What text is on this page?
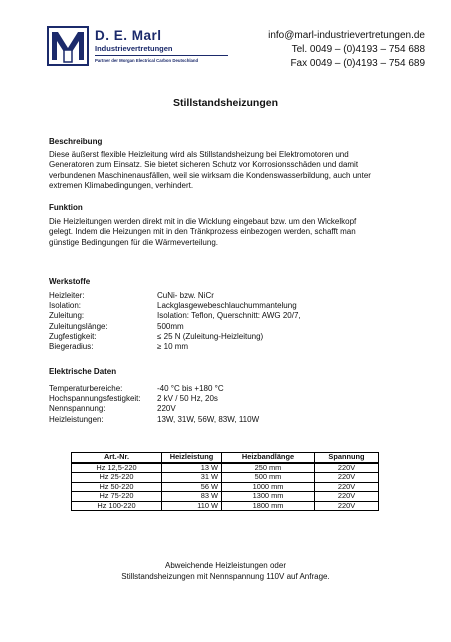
D. E. Marl
Industrievertretungen
Partner der Morgan Electrical Carbon Deutschland
info@marl-industrievertretungen.de
Tel. 0049 – (0)4193 – 754 688
Fax 0049 – (0)4193 – 754 689
Stillstandsheizungen
Beschreibung
Diese äußerst flexible Heizleitung wird als Stillstandsheizung bei Elektromotoren und
Generatoren zum Einsatz. Sie bietet sicheren Schutz vor Korrosionsschäden und damit
verbundenen Maschinenausfällen, weil sie wirksam die Kondenswasserbildung, auch unter
extremen Klimabedingungen, verhindert.
Funktion
Die Heizleitungen werden direkt mit in die Wicklung eingebaut bzw. um den Wickelkopf
gelegt. Indem die Heizungen mit in den Tränkprozess einbezogen werden, schafft man
günstige Bedingungen für die Wärmeverteilung.
Werkstoffe
Heizleiter:	CuNi- bzw. NiCr
Isolation:	Lackglasgewebeschlauchummantelung
Zuleitung:	Isolation: Teflon, Querschnitt: AWG 20/7,
Zuleitungslänge:	500mm
Zugfestigkeit:	≤ 25 N (Zuleitung-Heizleitung)
Biegeradius:	≥ 10 mm
Elektrische Daten
Temperaturbereiche:	-40 °C bis +180 °C
Hochspannungsfestigkeit: 2 kV / 50 Hz, 20s
Nennspannung:	220V
Heizleistungen:	13W, 31W, 56W, 83W, 110W
Art.-Nr.	Heizleistung	Heizbandlänge	Spannung
Hz 12,5-220	13 W	250 mm	220V
Hz 25-220	31 W	500 mm	220V
Hz 50-220	56 W	1000 mm	220V
Hz 75-220	83 W	1300 mm	220V
Hz 100-220	110 W	1800 mm	220V
Abweichende Heizleistungen oder
Stillstandsheizungen mit Nennspannung 110V auf Anfrage.
